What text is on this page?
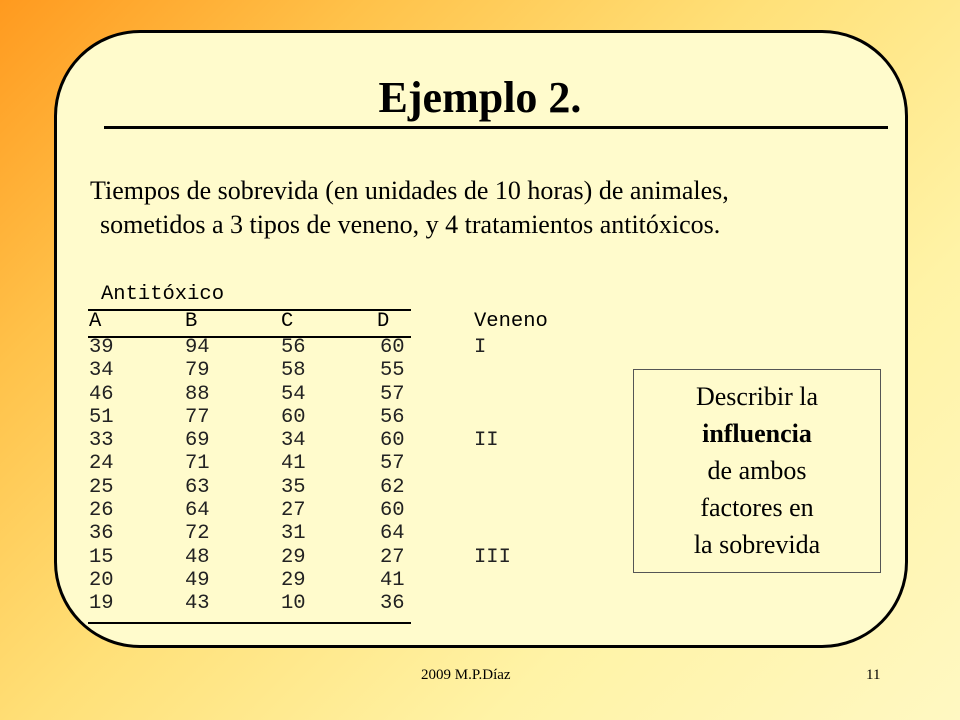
Ejemplo 2.
Tiempos de sobrevida (en unidades de 10 horas) de animales,
sometidos a 3 tipos de veneno, y 4 tratamientos antitóxicos.
Antitóxico
A	B	C	D	Veneno
39	94	56	60	I
34	79	58	55
46	88	54	57
51	77	60	56
33	69	34	60	II
24	71	41	57
25	63	35	62
26	64	27	60
36	72	31	64
15	48	29	27	III
20	49	29	41
19	43	10	36
Describir la
influencia
de ambos
factores en
la sobrevida
2009 M.P.Díaz	11
